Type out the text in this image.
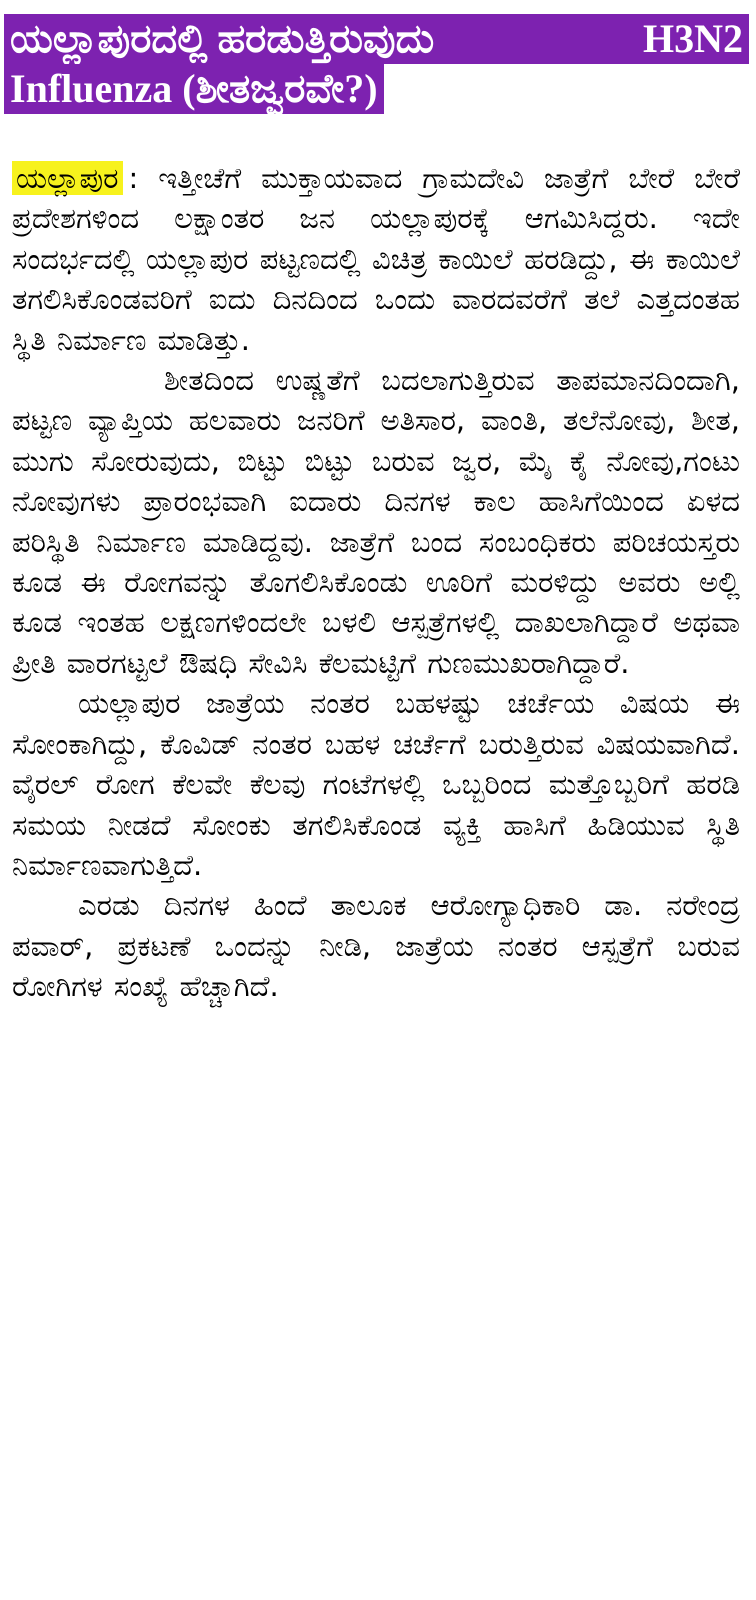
ಯಲ್ಲಾಪುರದಲ್ಲಿ ಹರಡುತ್ತಿರುವುದು	H3N2
Influenza (ಶೀತಜ್ವರವೇ?)

ಯಲ್ಲಾಪುರ : ಇತ್ತೀಚೆಗೆ ಮುಕ್ತಾಯವಾದ ಗ್ರಾಮದೇವಿ ಜಾತ್ರೆಗೆ ಬೇರೆ ಬೇರೆ ಪ್ರದೇಶಗಳಿಂದ ಲಕ್ಷಾಂತರ ಜನ ಯಲ್ಲಾಪುರಕ್ಕೆ ಆಗಮಿಸಿದ್ದರು. ಇದೇ ಸಂದರ್ಭದಲ್ಲಿ ಯಲ್ಲಾಪುರ ಪಟ್ಟಣದಲ್ಲಿ ವಿಚಿತ್ರ ಕಾಯಿಲೆ ಹರಡಿದ್ದು, ಈ ಕಾಯಿಲೆ ತಗಲಿಸಿಕೊಂಡವರಿಗೆ ಐದು ದಿನದಿಂದ ಒಂದು ವಾರದವರೆಗೆ ತಲೆ ಎತ್ತದಂತಹ ಸ್ಥಿತಿ ನಿರ್ಮಾಣ ಮಾಡಿತ್ತು.

ಶೀತದಿಂದ ಉಷ್ಣತೆಗೆ ಬದಲಾಗುತ್ತಿರುವ ತಾಪಮಾನದಿಂದಾಗಿ, ಪಟ್ಟಣ ವ್ಯಾಪ್ತಿಯ ಹಲವಾರು ಜನರಿಗೆ ಅತಿಸಾರ, ವಾಂತಿ, ತಲೆನೋವು, ಶೀತ, ಮುಗು ಸೋರುವುದು, ಬಿಟ್ಟು ಬಿಟ್ಟು ಬರುವ ಜ್ವರ, ಮೈ ಕೈ ನೋವು,ಗಂಟು ನೋವುಗಳು ಪ್ರಾರಂಭವಾಗಿ ಐದಾರು ದಿನಗಳ ಕಾಲ ಹಾಸಿಗೆಯಿಂದ ಏಳದ ಪರಿಸ್ಥಿತಿ ನಿರ್ಮಾಣ ಮಾಡಿದ್ದವು. ಜಾತ್ರೆಗೆ ಬಂದ ಸಂಬಂಧಿಕರು ಪರಿಚಯಸ್ತರು ಕೂಡ ಈ ರೋಗವನ್ನು ತೊಗಲಿಸಿಕೊಂಡು ಊರಿಗೆ ಮರಳಿದ್ದು ಅವರು ಅಲ್ಲಿ ಕೂಡ ಇಂತಹ ಲಕ್ಷಣಗಳಿಂದಲೇ ಬಳಲಿ ಆಸ್ಪತ್ರೆಗಳಲ್ಲಿ ದಾಖಲಾಗಿದ್ದಾರೆ ಅಥವಾ ಪ್ರೀತಿ ವಾರಗಟ್ಟಲೆ ಔಷಧಿ ಸೇವಿಸಿ ಕೆಲಮಟ್ಟಿಗೆ ಗುಣಮುಖರಾಗಿದ್ದಾರೆ.

ಯಲ್ಲಾಪುರ ಜಾತ್ರೆಯ ನಂತರ ಬಹಳಷ್ಟು ಚರ್ಚೆಯ ವಿಷಯ ಈ ಸೋಂಕಾಗಿದ್ದು, ಕೊವಿಡ್ ನಂತರ ಬಹಳ ಚರ್ಚೆಗೆ ಬರುತ್ತಿರುವ ವಿಷಯವಾಗಿದೆ. ವೈರಲ್ ರೋಗ ಕೆಲವೇ ಕೆಲವು ಗಂಟೆಗಳಲ್ಲಿ ಒಬ್ಬರಿಂದ ಮತ್ತೊಬ್ಬರಿಗೆ ಹರಡಿ ಸಮಯ ನೀಡದೆ ಸೋಂಕು ತಗಲಿಸಿಕೊಂಡ ವ್ಯಕ್ತಿ ಹಾಸಿಗೆ ಹಿಡಿಯುವ ಸ್ಥಿತಿ ನಿರ್ಮಾಣವಾಗುತ್ತಿದೆ.

ಎರಡು ದಿನಗಳ ಹಿಂದೆ ತಾಲೂಕ ಆರೋಗ್ಯಾಧಿಕಾರಿ ಡಾ. ನರೇಂದ್ರ ಪವಾರ್, ಪ್ರಕಟಣೆ ಒಂದನ್ನು ನೀಡಿ, ಜಾತ್ರೆಯ ನಂತರ ಆಸ್ಪತ್ರೆಗೆ ಬರುವ ರೋಗಿಗಳ ಸಂಖ್ಯೆ ಹೆಚ್ಚಾಗಿದೆ.
